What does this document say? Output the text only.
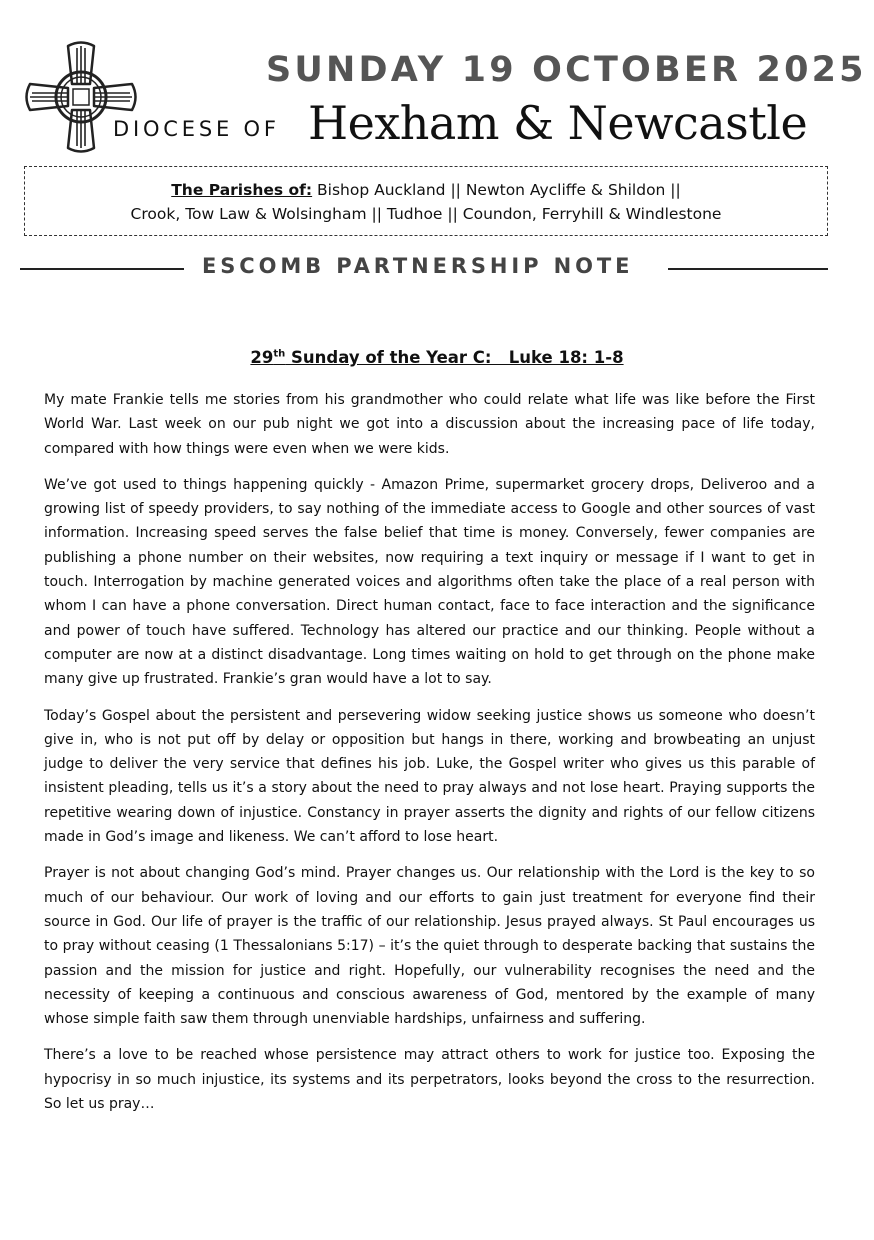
SUNDAY 19 OCTOBER 2025
DIOCESE OF Hexham & Newcastle
The Parishes of: Bishop Auckland || Newton Aycliffe & Shildon ||
Crook, Tow Law & Wolsingham || Tudhoe || Coundon, Ferryhill & Windlestone
ESCOMB PARTNERSHIP NOTE
29th Sunday of the Year C:   Luke 18: 1-8

My mate Frankie tells me stories from his grandmother who could relate what life was like before the First World War. Last week on our pub night we got into a discussion about the increasing pace of life today, compared with how things were even when we were kids.

We’ve got used to things happening quickly - Amazon Prime, supermarket grocery drops, Deliveroo and a growing list of speedy providers, to say nothing of the immediate access to Google and other sources of vast information. Increasing speed serves the false belief that time is money. Conversely, fewer companies are publishing a phone number on their websites, now requiring a text inquiry or message if I want to get in touch. Interrogation by machine generated voices and algorithms often take the place of a real person with whom I can have a phone conversation. Direct human contact, face to face interaction and the significance and power of touch have suffered. Technology has altered our practice and our thinking. People without a computer are now at a distinct disadvantage. Long times waiting on hold to get through on the phone make many give up frustrated. Frankie’s gran would have a lot to say.

Today’s Gospel about the persistent and persevering widow seeking justice shows us someone who doesn’t give in, who is not put off by delay or opposition but hangs in there, working and browbeating an unjust judge to deliver the very service that defines his job. Luke, the Gospel writer who gives us this parable of insistent pleading, tells us it’s a story about the need to pray always and not lose heart. Praying supports the repetitive wearing down of injustice. Constancy in prayer asserts the dignity and rights of our fellow citizens made in God’s image and likeness. We can’t afford to lose heart.

Prayer is not about changing God’s mind. Prayer changes us. Our relationship with the Lord is the key to so much of our behaviour. Our work of loving and our efforts to gain just treatment for everyone find their source in God. Our life of prayer is the traffic of our relationship. Jesus prayed always. St Paul encourages us to pray without ceasing (1 Thessalonians 5:17) – it’s the quiet through to desperate backing that sustains the passion and the mission for justice and right. Hopefully, our vulnerability recognises the need and the necessity of keeping a continuous and conscious awareness of God, mentored by the example of many whose simple faith saw them through unenviable hardships, unfairness and suffering.

There’s a love to be reached whose persistence may attract others to work for justice too. Exposing the hypocrisy in so much injustice, its systems and its perpetrators, looks beyond the cross to the resurrection. So let us pray…
